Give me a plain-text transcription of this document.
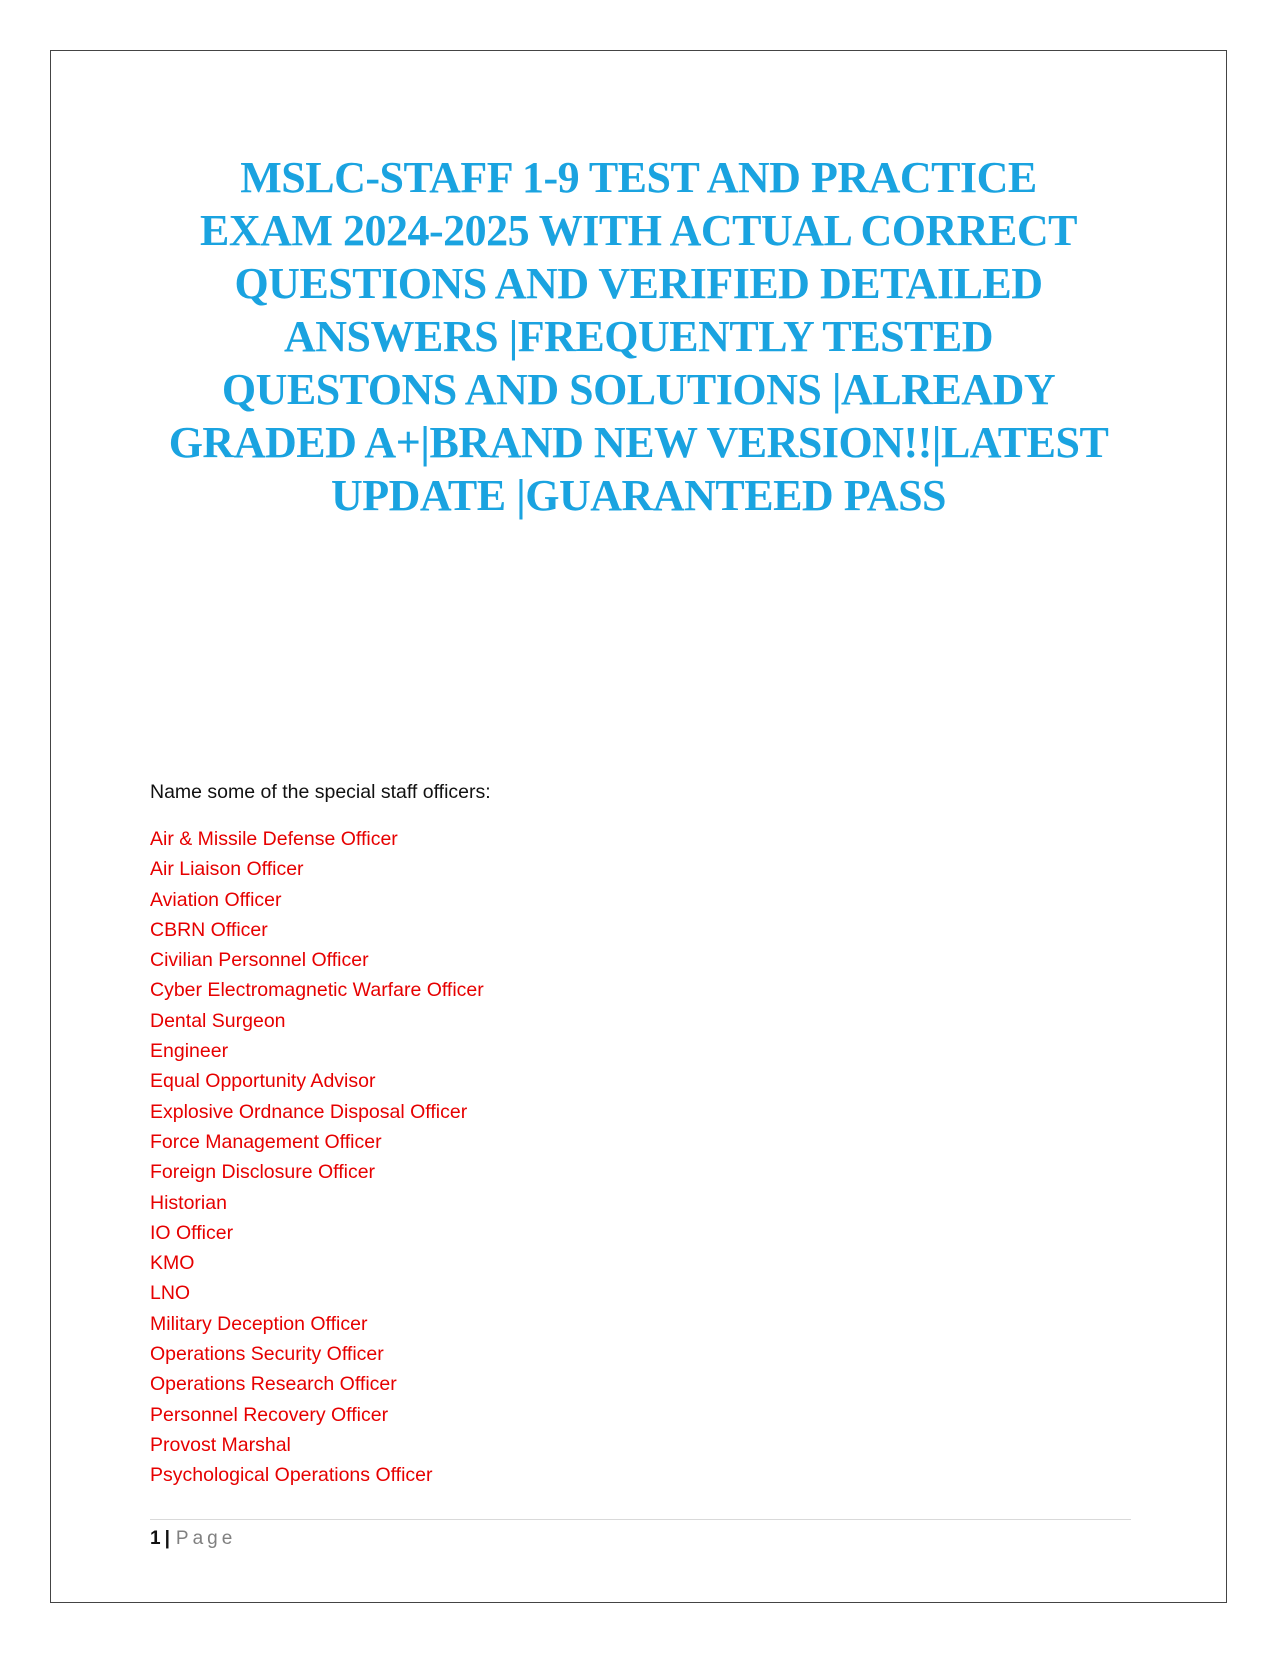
MSLC-STAFF 1-9 TEST AND PRACTICE
EXAM 2024-2025 WITH ACTUAL CORRECT
QUESTIONS AND VERIFIED DETAILED
ANSWERS |FREQUENTLY TESTED
QUESTONS AND SOLUTIONS |ALREADY
GRADED A+|BRAND NEW VERSION!!|LATEST
UPDATE |GUARANTEED PASS

Name some of the special staff officers:

Air & Missile Defense Officer
Air Liaison Officer
Aviation Officer
CBRN Officer
Civilian Personnel Officer
Cyber Electromagnetic Warfare Officer
Dental Surgeon
Engineer
Equal Opportunity Advisor
Explosive Ordnance Disposal Officer
Force Management Officer
Foreign Disclosure Officer
Historian
IO Officer
KMO
LNO
Military Deception Officer
Operations Security Officer
Operations Research Officer
Personnel Recovery Officer
Provost Marshal
Psychological Operations Officer
1 | Page
